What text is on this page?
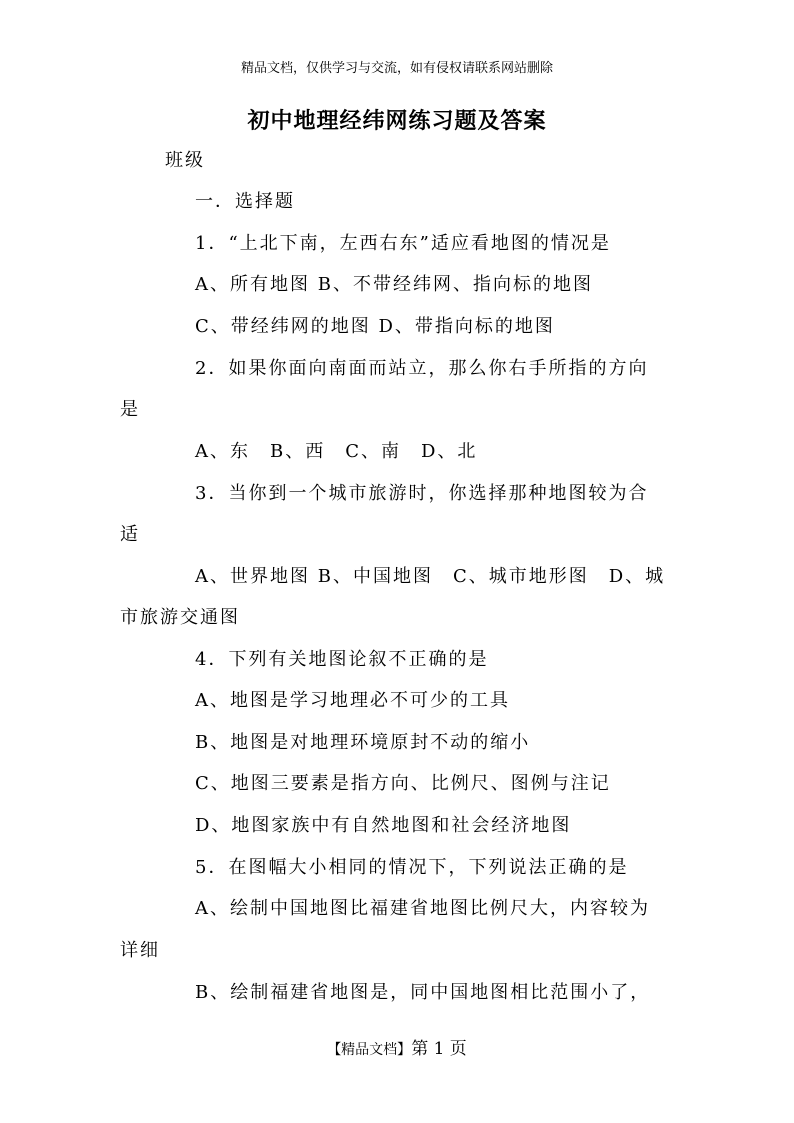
精品文档，仅供学习与交流，如有侵权请联系网站删除
初中地理经纬网练习题及答案
班级
一．选择题
1．“上北下南，左西右东”适应看地图的情况是
A、所有地图 B、不带经纬网、指向标的地图
C、带经纬网的地图 D、带指向标的地图
2．如果你面向南面而站立，那么你右手所指的方向
是
A、东　B、西　C、南　D、北
3．当你到一个城市旅游时，你选择那种地图较为合
适
A、世界地图 B、中国地图　C、城市地形图　D、城
市旅游交通图
4．下列有关地图论叙不正确的是
A、地图是学习地理必不可少的工具
B、地图是对地理环境原封不动的缩小
C、地图三要素是指方向、比例尺、图例与注记
D、地图家族中有自然地图和社会经济地图
5．在图幅大小相同的情况下，下列说法正确的是
A、绘制中国地图比福建省地图比例尺大，内容较为
详细
B、绘制福建省地图是，同中国地图相比范围小了，
【精品文档】第 1 页
